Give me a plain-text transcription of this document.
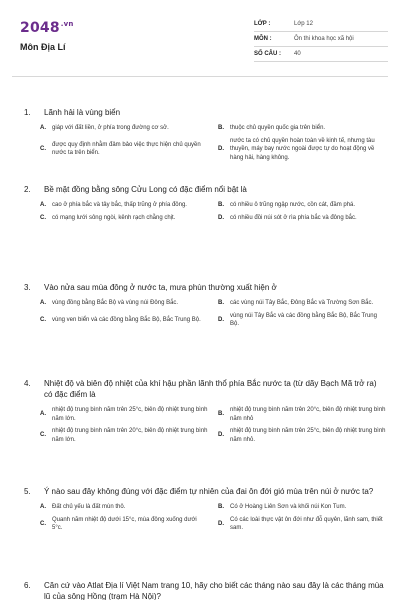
$2048^{.vn}$
Môn Địa Lí
LỚP :	Lớp 12
MÔN :	Ôn thi khoa học xã hội
SỐ CÂU :	40
1.	Lãnh hải là vùng biển
A.	giáp với đất liền, ở phía trong đường cơ sở.	B.	thuộc chủ quyền quốc gia trên biển.
C.
được quy định nhằm đảm bảo việc thực hiện chủ quyền nước ta trên biển.
D.
nước ta có chủ quyền hoàn toàn về kinh tế, nhưng tàu thuyền, máy bay nước ngoài được tự do hoạt động về hàng hải, hàng không.
2.	Bề mặt đồng bằng sông Cửu Long có đặc điểm nổi bật là
A.	cao ở phía bắc và tây bắc, thấp trũng ở phía đông.	B.	có nhiều ô trũng ngập nước, cồn cát, đầm phá.
C.	có mạng lưới sông ngòi, kênh rạch chằng chịt.	D.	có nhiều đồi núi sót ở rìa phía bắc và đông bắc.
3.	Vào nửa sau mùa đông ở nước ta, mưa phùn thường xuất hiện ở
A.	vùng đồng bằng Bắc Bộ và vùng núi Đông Bắc.	B.	các vùng núi Tây Bắc, Đông Bắc và Trường Sơn Bắc.
C.	vùng ven biển và các đồng bằng Bắc Bộ, Bắc Trung Bộ.	D.
vùng núi Tây Bắc và các đồng bằng Bắc Bộ, Bắc Trung Bộ.
4.	Nhiệt độ và biên độ nhiệt của khí hậu phần lãnh thổ phía Bắc nước ta (từ dãy Bạch Mã trở ra) có đặc điểm là
A.
nhiệt độ trung bình năm trên 25°c, biên độ nhiệt trung bình năm lớn.
B.
nhiệt độ trung bình năm trên 20°c, biên độ nhiệt trung bình năm nhỏ
C.
nhiệt độ trung bình năm trên 20°c, biên độ nhiệt trung bình năm lớn.
D.
nhiệt độ trung bình năm trên 25°c, biên độ nhiệt trung bình năm nhỏ.
5.	Ý nào sau đây không đúng với đặc điểm tự nhiên của đai ôn đới gió mùa trên núi ở nước ta?
A.	Đất chủ yếu là đất mùn thô.	B.	Có ở Hoàng Liên Sơn và khối núi Kon Tum.
C.
Quanh năm nhiệt độ dưới 15°c, mùa đông xuống dưới 5°c.
D.
Có các loài thực vật ôn đới như đỗ quyên, lãnh sam, thiết sam.
6.	Căn cứ vào Atlat Địa lí Việt Nam trang 10, hãy cho biết các tháng nào sau đây là các tháng mùa lũ của sông Hồng (trạm Hà Nội)?
